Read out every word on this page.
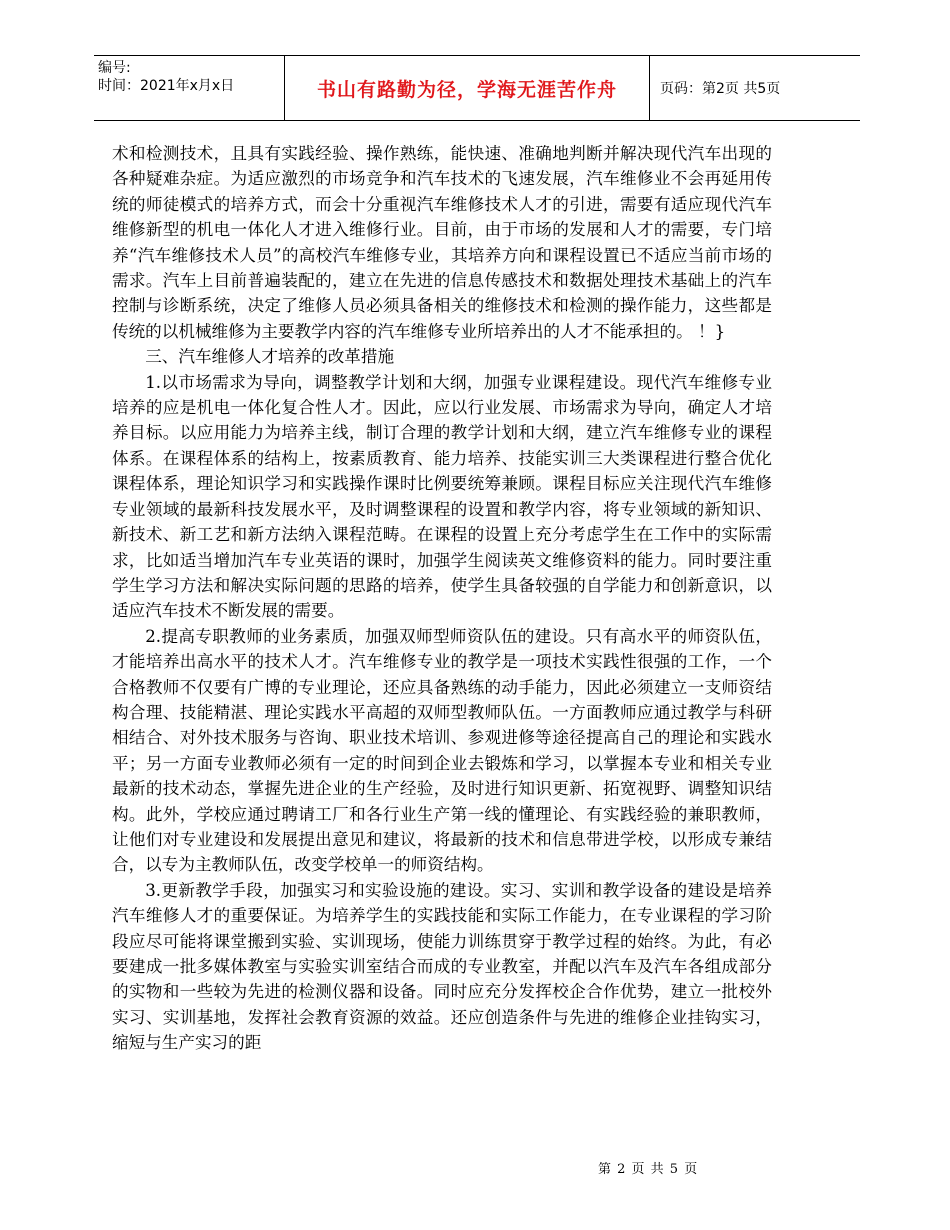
编号:
时间：2021年x月x日	书山有路勤为径，学海无涯苦作舟	页码：第2页 共5页

术和检测技术，且具有实践经验、操作熟练，能快速、准确地判断并解决现代汽车出现的各种疑难杂症。为适应激烈的市场竞争和汽车技术的飞速发展，汽车维修业不会再延用传统的师徒模式的培养方式，而会十分重视汽车维修技术人才的引进，需要有适应现代汽车维修新型的机电一体化人才进入维修行业。目前，由于市场的发展和人才的需要，专门培养“汽车维修技术人员”的高校汽车维修专业，其培养方向和课程设置已不适应当前市场的需求。汽车上目前普遍装配的，建立在先进的信息传感技术和数据处理技术基础上的汽车控制与诊断系统，决定了维修人员必须具备相关的维修技术和检测的操作能力，这些都是传统的以机械维修为主要教学内容的汽车维修专业所培养出的人才不能承担的。 ！}

三、汽车维修人才培养的改革措施

1.以市场需求为导向，调整教学计划和大纲，加强专业课程建设。现代汽车维修专业培养的应是机电一体化复合性人才。因此，应以行业发展、市场需求为导向，确定人才培养目标。以应用能力为培养主线，制订合理的教学计划和大纲，建立汽车维修专业的课程体系。在课程体系的结构上，按素质教育、能力培养、技能实训三大类课程进行整合优化课程体系，理论知识学习和实践操作课时比例要统筹兼顾。课程目标应关注现代汽车维修专业领域的最新科技发展水平，及时调整课程的设置和教学内容，将专业领域的新知识、新技术、新工艺和新方法纳入课程范畴。在课程的设置上充分考虑学生在工作中的实际需求，比如适当增加汽车专业英语的课时，加强学生阅读英文维修资料的能力。同时要注重学生学习方法和解决实际问题的思路的培养，使学生具备较强的自学能力和创新意识，以适应汽车技术不断发展的需要。

2.提高专职教师的业务素质，加强双师型师资队伍的建设。只有高水平的师资队伍，才能培养出高水平的技术人才。汽车维修专业的教学是一项技术实践性很强的工作，一个合格教师不仅要有广博的专业理论，还应具备熟练的动手能力，因此必须建立一支师资结构合理、技能精湛、理论实践水平高超的双师型教师队伍。一方面教师应通过教学与科研相结合、对外技术服务与咨询、职业技术培训、参观进修等途径提高自己的理论和实践水平；另一方面专业教师必须有一定的时间到企业去锻炼和学习，以掌握本专业和相关专业最新的技术动态，掌握先进企业的生产经验，及时进行知识更新、拓宽视野、调整知识结构。此外，学校应通过聘请工厂和各行业生产第一线的懂理论、有实践经验的兼职教师，让他们对专业建设和发展提出意见和建议，将最新的技术和信息带进学校，以形成专兼结合，以专为主教师队伍，改变学校单一的师资结构。

3.更新教学手段，加强实习和实验设施的建设。实习、实训和教学设备的建设是培养汽车维修人才的重要保证。为培养学生的实践技能和实际工作能力，在专业课程的学习阶段应尽可能将课堂搬到实验、实训现场，使能力训练贯穿于教学过程的始终。为此，有必要建成一批多媒体教室与实验实训室结合而成的专业教室，并配以汽车及汽车各组成部分的实物和一些较为先进的检测仪器和设备。同时应充分发挥校企合作优势，建立一批校外实习、实训基地，发挥社会教育资源的效益。还应创造条件与先进的维修企业挂钩实习，缩短与生产实习的距

第 2 页 共 5 页
